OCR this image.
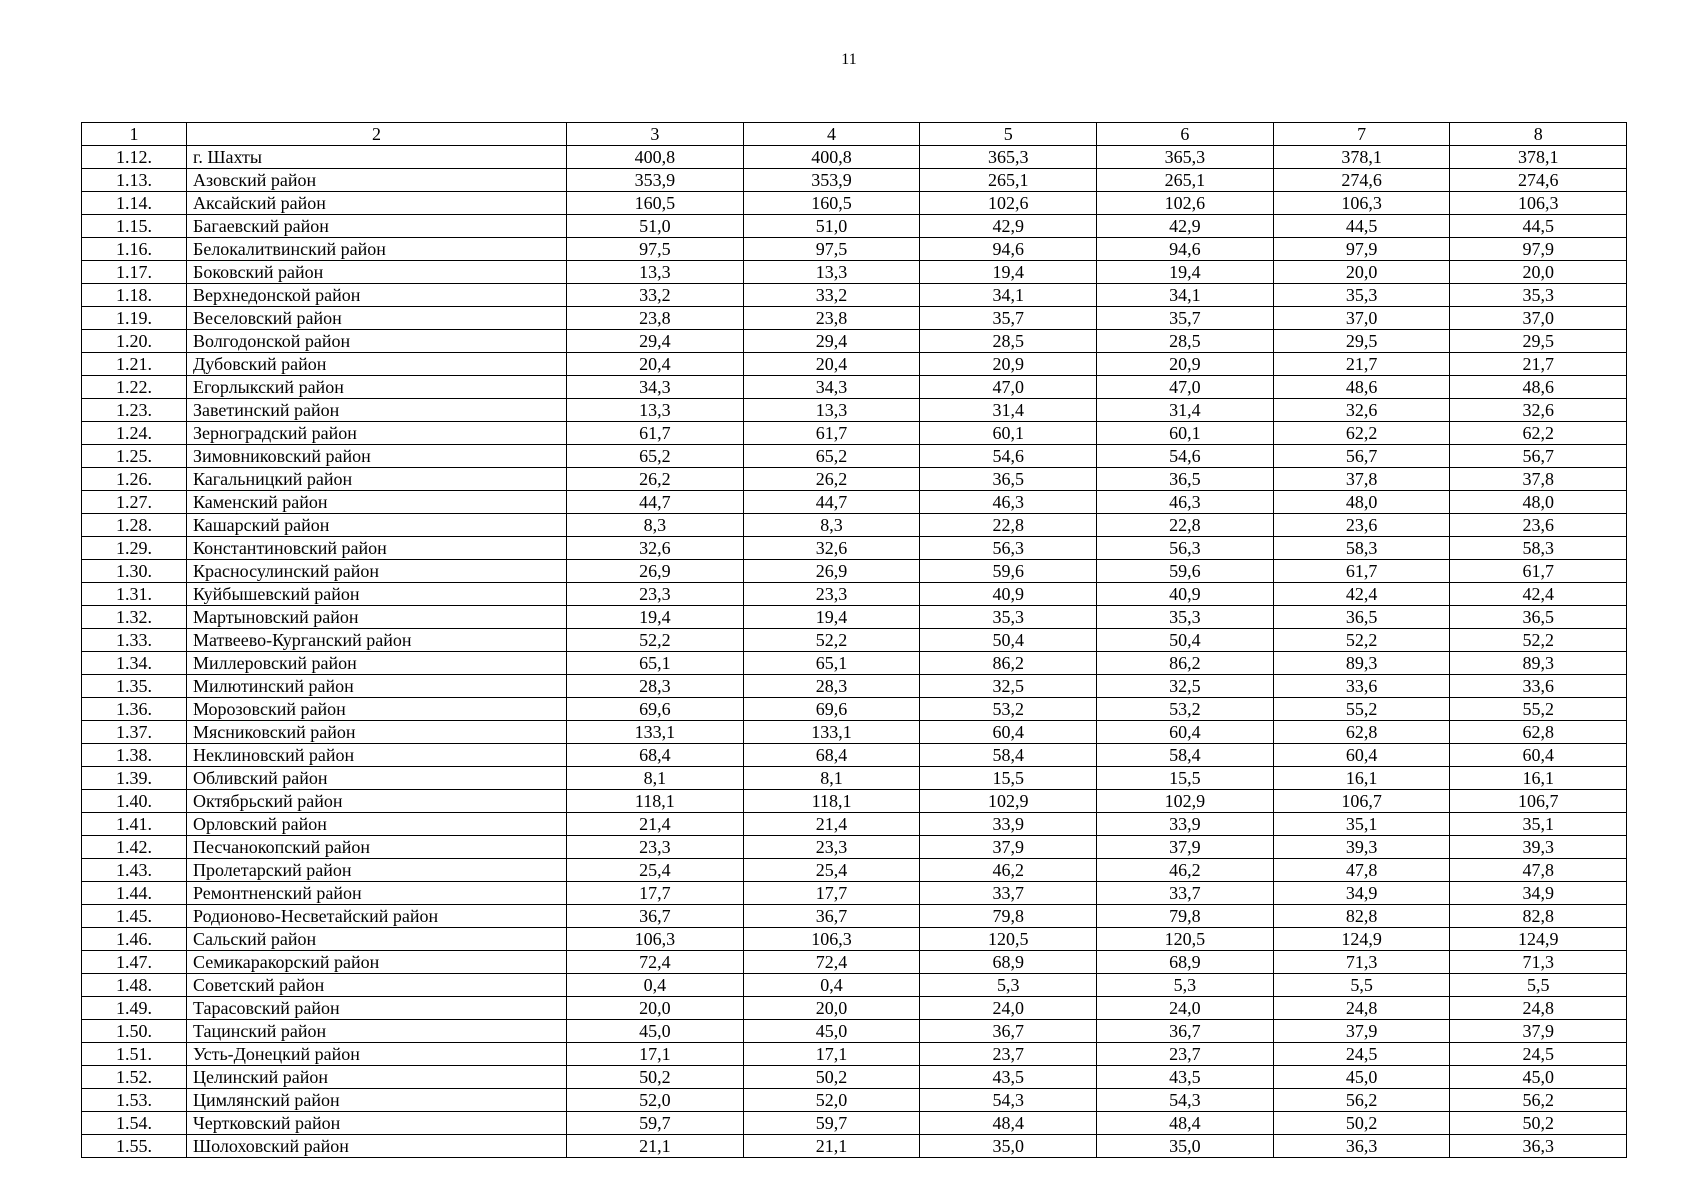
11
1	2	3	4	5	6	7	8
1.12.	г. Шахты	400,8	400,8	365,3	365,3	378,1	378,1
1.13.	Азовский район	353,9	353,9	265,1	265,1	274,6	274,6
1.14.	Аксайский район	160,5	160,5	102,6	102,6	106,3	106,3
1.15.	Багаевский район	51,0	51,0	42,9	42,9	44,5	44,5
1.16.	Белокалитвинский район	97,5	97,5	94,6	94,6	97,9	97,9
1.17.	Боковский район	13,3	13,3	19,4	19,4	20,0	20,0
1.18.	Верхнедонской район	33,2	33,2	34,1	34,1	35,3	35,3
1.19.	Веселовский район	23,8	23,8	35,7	35,7	37,0	37,0
1.20.	Волгодонской район	29,4	29,4	28,5	28,5	29,5	29,5
1.21.	Дубовский район	20,4	20,4	20,9	20,9	21,7	21,7
1.22.	Егорлыкский район	34,3	34,3	47,0	47,0	48,6	48,6
1.23.	Заветинский район	13,3	13,3	31,4	31,4	32,6	32,6
1.24.	Зерноградский район	61,7	61,7	60,1	60,1	62,2	62,2
1.25.	Зимовниковский район	65,2	65,2	54,6	54,6	56,7	56,7
1.26.	Кагальницкий район	26,2	26,2	36,5	36,5	37,8	37,8
1.27.	Каменский район	44,7	44,7	46,3	46,3	48,0	48,0
1.28.	Кашарский район	8,3	8,3	22,8	22,8	23,6	23,6
1.29.	Константиновский район	32,6	32,6	56,3	56,3	58,3	58,3
1.30.	Красносулинский район	26,9	26,9	59,6	59,6	61,7	61,7
1.31.	Куйбышевский район	23,3	23,3	40,9	40,9	42,4	42,4
1.32.	Мартыновский район	19,4	19,4	35,3	35,3	36,5	36,5
1.33.	Матвеево-Курганский район	52,2	52,2	50,4	50,4	52,2	52,2
1.34.	Миллеровский район	65,1	65,1	86,2	86,2	89,3	89,3
1.35.	Милютинский район	28,3	28,3	32,5	32,5	33,6	33,6
1.36.	Морозовский район	69,6	69,6	53,2	53,2	55,2	55,2
1.37.	Мясниковский район	133,1	133,1	60,4	60,4	62,8	62,8
1.38.	Неклиновский район	68,4	68,4	58,4	58,4	60,4	60,4
1.39.	Обливский район	8,1	8,1	15,5	15,5	16,1	16,1
1.40.	Октябрьский район	118,1	118,1	102,9	102,9	106,7	106,7
1.41.	Орловский район	21,4	21,4	33,9	33,9	35,1	35,1
1.42.	Песчанокопский район	23,3	23,3	37,9	37,9	39,3	39,3
1.43.	Пролетарский район	25,4	25,4	46,2	46,2	47,8	47,8
1.44.	Ремонтненский район	17,7	17,7	33,7	33,7	34,9	34,9
1.45.	Родионово-Несветайский район	36,7	36,7	79,8	79,8	82,8	82,8
1.46.	Сальский район	106,3	106,3	120,5	120,5	124,9	124,9
1.47.	Семикаракорский район	72,4	72,4	68,9	68,9	71,3	71,3
1.48.	Советский район	0,4	0,4	5,3	5,3	5,5	5,5
1.49.	Тарасовский район	20,0	20,0	24,0	24,0	24,8	24,8
1.50.	Тацинский район	45,0	45,0	36,7	36,7	37,9	37,9
1.51.	Усть-Донецкий район	17,1	17,1	23,7	23,7	24,5	24,5
1.52.	Целинский район	50,2	50,2	43,5	43,5	45,0	45,0
1.53.	Цимлянский район	52,0	52,0	54,3	54,3	56,2	56,2
1.54.	Чертковский район	59,7	59,7	48,4	48,4	50,2	50,2
1.55.	Шолоховский район	21,1	21,1	35,0	35,0	36,3	36,3
